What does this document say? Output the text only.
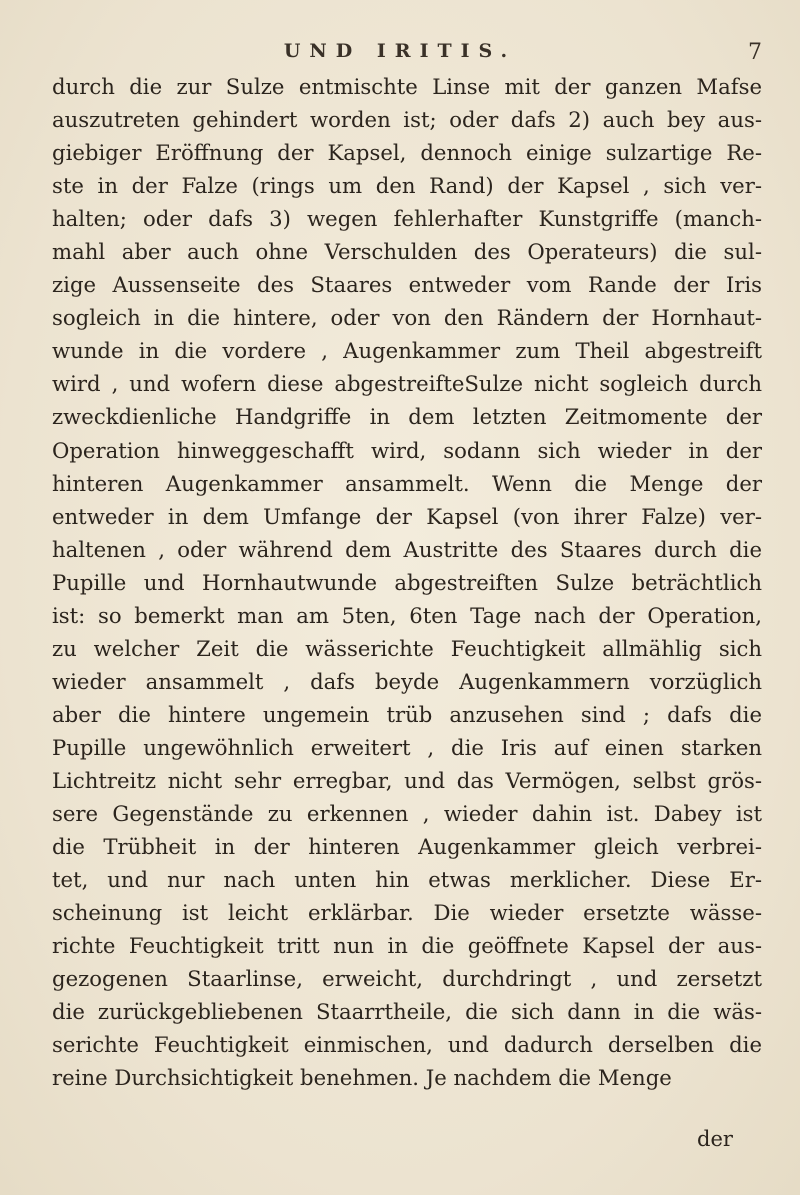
UND IRITIS.	7
durch die zur Sulze entmischte Linse mit der ganzen Mafse
auszutreten gehindert worden ist; oder dafs 2) auch bey aus-
giebiger Eröffnung der Kapsel, dennoch einige sulzartige Re-
ste in der Falze (rings um den Rand) der Kapsel , sich ver-
halten; oder dafs 3) wegen fehlerhafter Kunstgriffe (manch-
mahl aber auch ohne Verschulden des Operateurs) die sul-
zige Aussenseite des Staares entweder vom Rande der Iris
sogleich in die hintere, oder von den Rändern der Hornhaut-
wunde in die vordere , Augenkammer zum Theil abgestreift
wird , und wofern diese abgestreifteSulze nicht sogleich durch
zweckdienliche Handgriffe in dem letzten Zeitmomente der
Operation hinweggeschafft wird, sodann sich wieder in der
hinteren Augenkammer ansammelt. Wenn die Menge der
entweder in dem Umfange der Kapsel (von ihrer Falze) ver-
haltenen , oder während dem Austritte des Staares durch die
Pupille und Hornhautwunde abgestreiften Sulze beträchtlich
ist: so bemerkt man am 5ten, 6ten Tage nach der Operation,
zu welcher Zeit die wässerichte Feuchtigkeit allmählig sich
wieder ansammelt , dafs beyde Augenkammern vorzüglich
aber die hintere ungemein trüb anzusehen sind ; dafs die
Pupille ungewöhnlich erweitert , die Iris auf einen starken
Lichtreitz nicht sehr erregbar, und das Vermögen, selbst grös-
sere Gegenstände zu erkennen , wieder dahin ist. Dabey ist
die Trübheit in der hinteren Augenkammer gleich verbrei-
tet, und nur nach unten hin etwas merklicher. Diese Er-
scheinung ist leicht erklärbar. Die wieder ersetzte wässe-
richte Feuchtigkeit tritt nun in die geöffnete Kapsel der aus-
gezogenen Staarlinse, erweicht, durchdringt , und zersetzt
die zurückgebliebenen Staarrtheile, die sich dann in die wäs-
serichte Feuchtigkeit einmischen, und dadurch derselben die
reine Durchsichtigkeit benehmen. Je nachdem die Menge
der
